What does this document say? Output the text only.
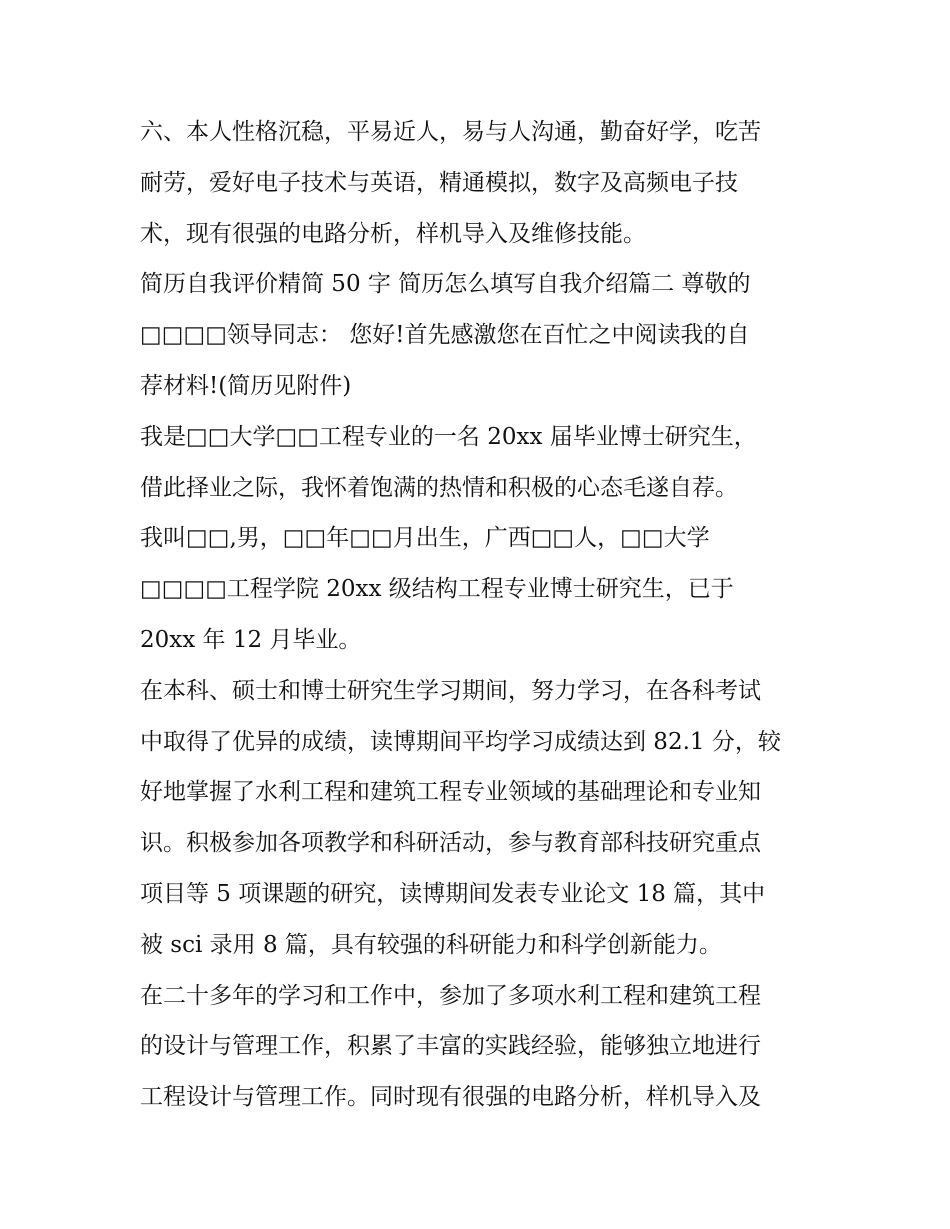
六、本人性格沉稳，平易近人，易与人沟通，勤奋好学，吃苦
耐劳，爱好电子技术与英语，精通模拟，数字及高频电子技
术，现有很强的电路分析，样机导入及维修技能。
简历自我评价精简 50 字 简历怎么填写自我介绍篇二 尊敬的
□□□□领导同志： 您好!首先感激您在百忙之中阅读我的自
荐材料!(简历见附件)
我是□□大学□□工程专业的一名 20xx 届毕业博士研究生，
借此择业之际，我怀着饱满的热情和积极的心态毛遂自荐。
我叫□□,男，□□年□□月出生，广西□□人，□□大学
□□□□工程学院 20xx 级结构工程专业博士研究生，已于
20xx 年 12 月毕业。
在本科、硕士和博士研究生学习期间，努力学习，在各科考试
中取得了优异的成绩，读博期间平均学习成绩达到 82.1 分，较
好地掌握了水利工程和建筑工程专业领域的基础理论和专业知
识。积极参加各项教学和科研活动，参与教育部科技研究重点
项目等 5 项课题的研究，读博期间发表专业论文 18 篇，其中
被 sci 录用 8 篇，具有较强的科研能力和科学创新能力。
在二十多年的学习和工作中，参加了多项水利工程和建筑工程
的设计与管理工作，积累了丰富的实践经验，能够独立地进行
工程设计与管理工作。同时现有很强的电路分析，样机导入及
